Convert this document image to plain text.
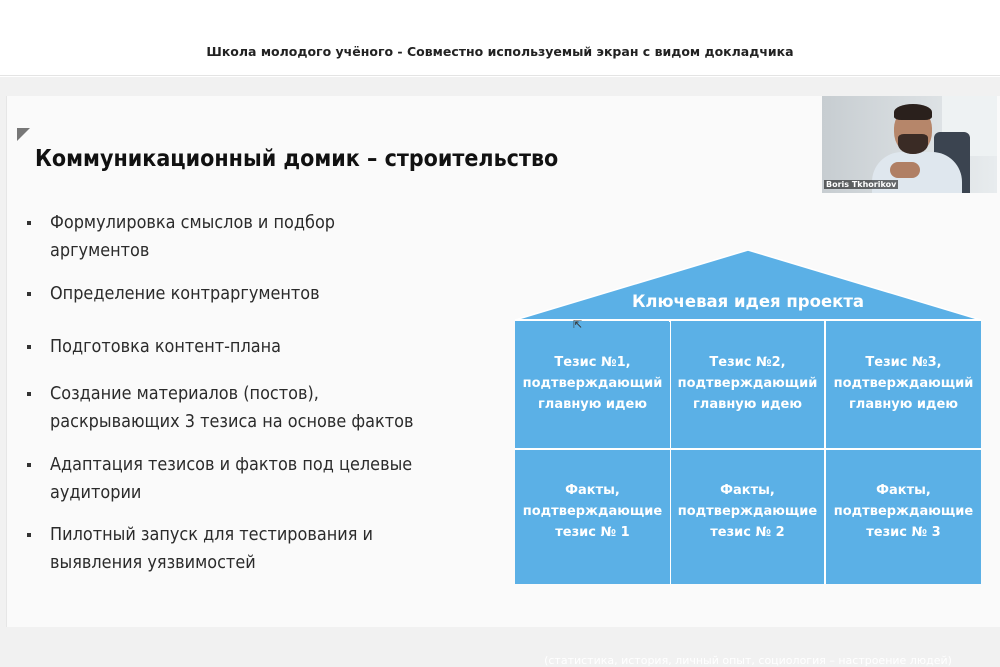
Школа молодого учёного - Совместно используемый экран с видом докладчика
Коммуникационный домик – строительство
Формулировка смыслов и подбор
аргументов
Определение контраргументов
Подготовка контент-плана
Создание материалов (постов),
раскрывающих 3 тезиса на основе фактов
Адаптация тезисов и фактов под целевые
аудитории
Пилотный запуск для тестирования и
выявления уязвимостей
Ключевая идея проекта
Тезис №1,
подтверждающий
главную идею
Тезис №2,
подтверждающий
главную идею
Тезис №3,
подтверждающий
главную идею
Факты,
подтверждающие
тезис № 1
Факты,
подтверждающие
тезис № 2
Факты,
подтверждающие
тезис № 3
(статистика, история, личный опыт, социология – настроение людей)
⇱
Boris Tkhorikov
